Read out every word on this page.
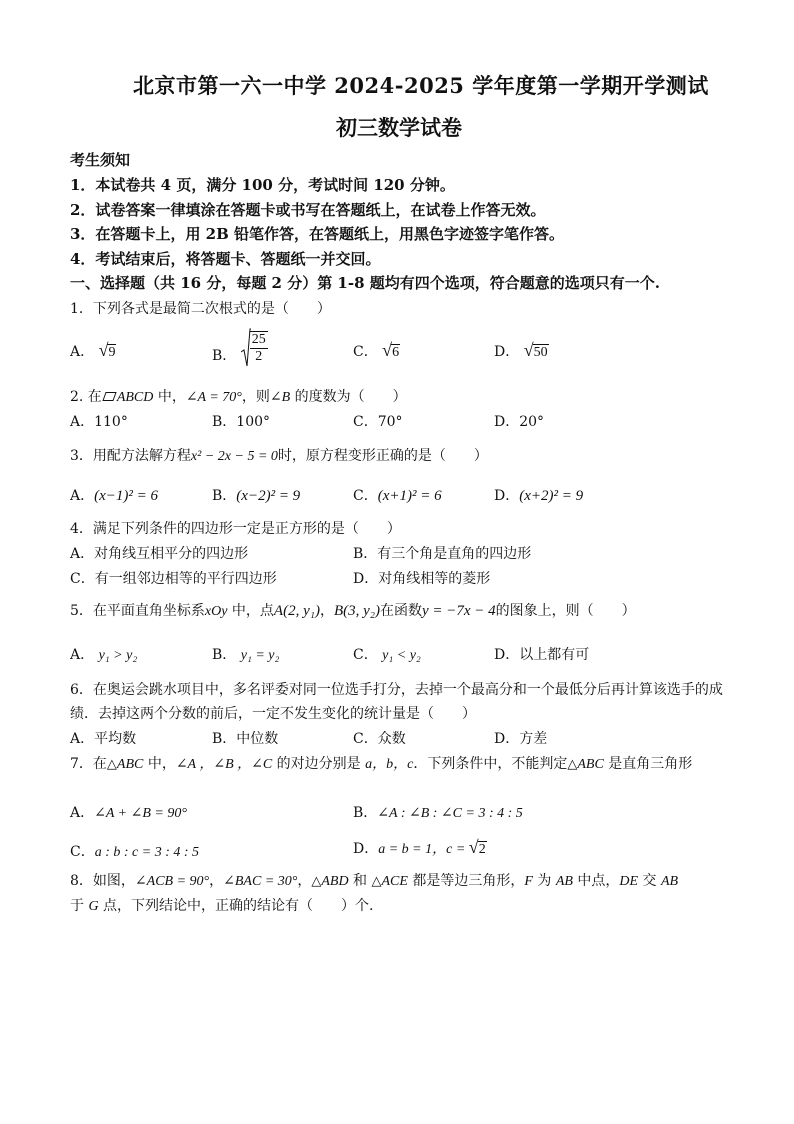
北京市第一六一中学 2024-2025 学年度第一学期开学测试
初三数学试卷
考生须知
1．本试卷共 4 页，满分 100 分，考试时间 120 分钟。
2．试卷答案一律填涂在答题卡或书写在答题纸上，在试卷上作答无效。
3．在答题卡上，用 2B 铅笔作答，在答题纸上，用黑色字迹签字笔作答。
4．考试结束后，将答题卡、答题纸一并交回。
一、选择题（共 16 分，每题 2 分）第 1-8 题均有四个选项，符合题意的选项只有一个.
1．下列各式是最简二次根式的是（　　）
A． √9	B． $\frac{25}{2}$	C． √6	D． √50
2. 在 ABCD 中，∠A = 70°，则∠B 的度数为（　　）
A．110°	B．100°	C．70°	D．20°
3．用配方法解方程x² − 2x − 5 = 0时，原方程变形正确的是（　　）
A．(x−1)² = 6	B．(x−2)² = 9	C．(x+1)² = 6	D．(x+2)² = 9
4．满足下列条件的四边形一定是正方形的是（　　）
A．对角线互相平分的四边形	B．有三个角是直角的四边形
C．有一组邻边相等的平行四边形	D．对角线相等的菱形
5．在平面直角坐标系xOy 中，点A(2, y₁)，B(3, y₂)在函数y = −7x − 4的图象上，则（　　）
A． y₁ > y₂	B． y₁ = y₂	C． y₁ < y₂	D．以上都有可
6．在奥运会跳水项目中，多名评委对同一位选手打分，去掉一个最高分和一个最低分后再计算该选手的成
绩．去掉这两个分数的前后，一定不发生变化的统计量是（　　）
A．平均数	B．中位数	C．众数	D．方差
7．在△ABC 中，∠A ，∠B ，∠C 的对边分别是 a，b，c．下列条件中，不能判定△ABC 是直角三角形
A．∠A + ∠B = 90°	B．∠A : ∠B : ∠C = 3 : 4 : 5
C．a : b : c = 3 : 4 : 5	D．a = b = 1，c = √2
8．如图，∠ACB = 90°，∠BAC = 30°，△ABD 和 △ACE 都是等边三角形，F 为 AB 中点，DE 交 AB
于 G 点，下列结论中，正确的结论有（　　）个.
